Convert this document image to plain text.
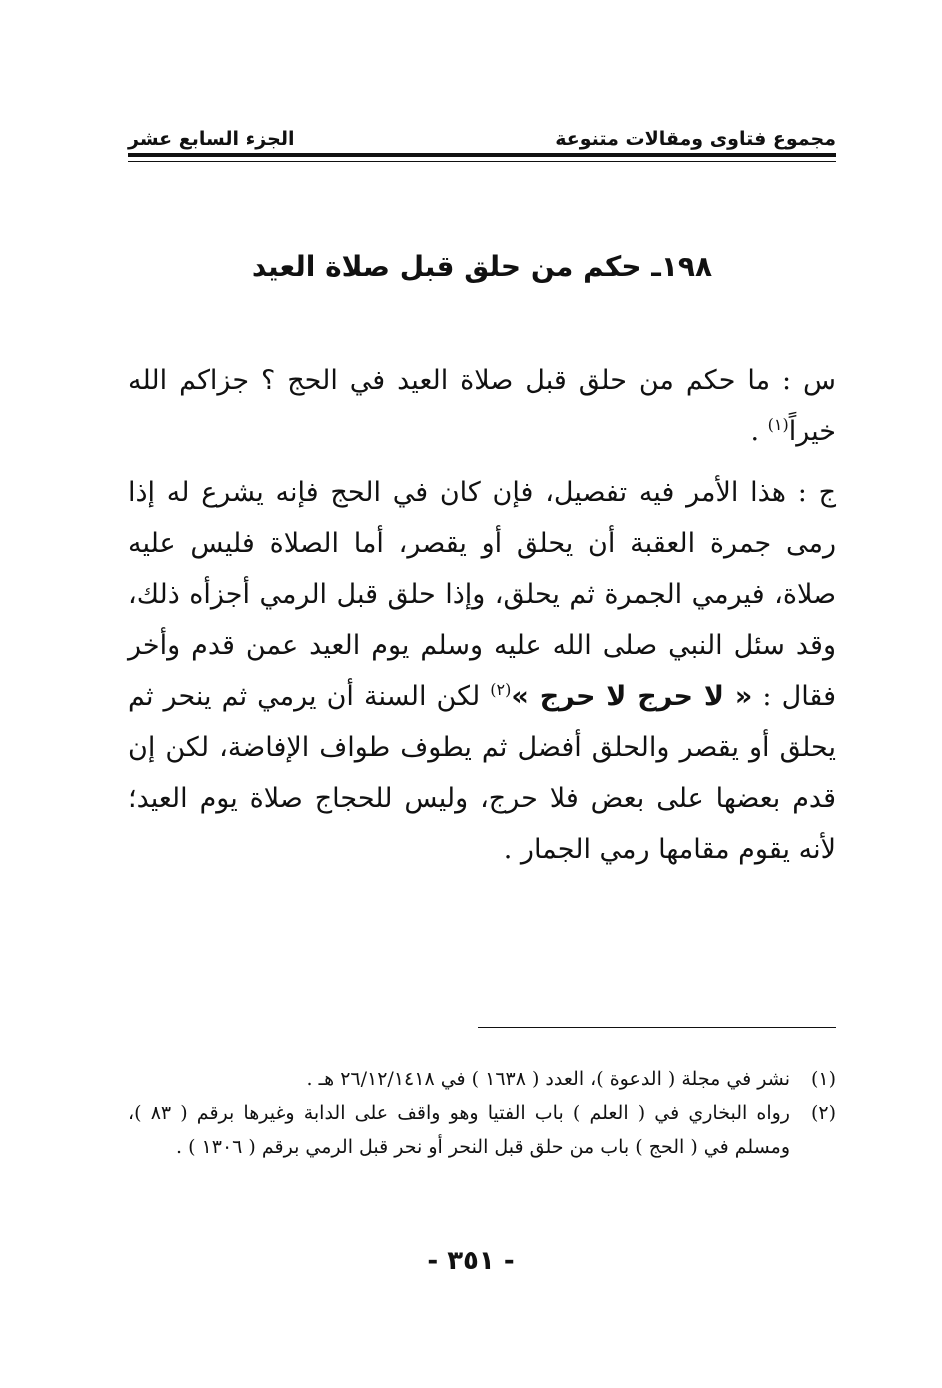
مجموع فتاوى ومقالات متنوعة
الجزء السابع عشر
١٩٨ـ حكم من حلق قبل صلاة العيد

س : ما حكم من حلق قبل صلاة العيد في الحج ؟ جزاكم الله خيراً$^{(١)}$ .

ج : هذا الأمر فيه تفصيل، فإن كان في الحج فإنه يشرع له إذا رمى جمرة العقبة أن يحلق أو يقصر، أما الصلاة فليس عليه صلاة، فيرمي الجمرة ثم يحلق، وإذا حلق قبل الرمي أجزأه ذلك، وقد سئل النبي صلى الله عليه وسلم يوم العيد عمن قدم وأخر فقال : « لا حرج لا حرج »$^{(٢)}$ لكن السنة أن يرمي ثم ينحر ثم يحلق أو يقصر والحلق أفضل ثم يطوف طواف الإفاضة، لكن إن قدم بعضها على بعض فلا حرج، وليس للحجاج صلاة يوم العيد؛ لأنه يقوم مقامها رمي الجمار .

(١)
نشر في مجلة ( الدعوة )، العدد ( ١٦٣٨ ) في ٢٦/١٢/١٤١٨ هـ .
(٢)
رواه البخاري في ( العلم ) باب الفتيا وهو واقف على الدابة وغيرها برقم ( ٨٣ )، ومسلم في ( الحج ) باب من حلق قبل النحر أو نحر قبل الرمي برقم ( ١٣٠٦ ) .
- ٣٥١ -
